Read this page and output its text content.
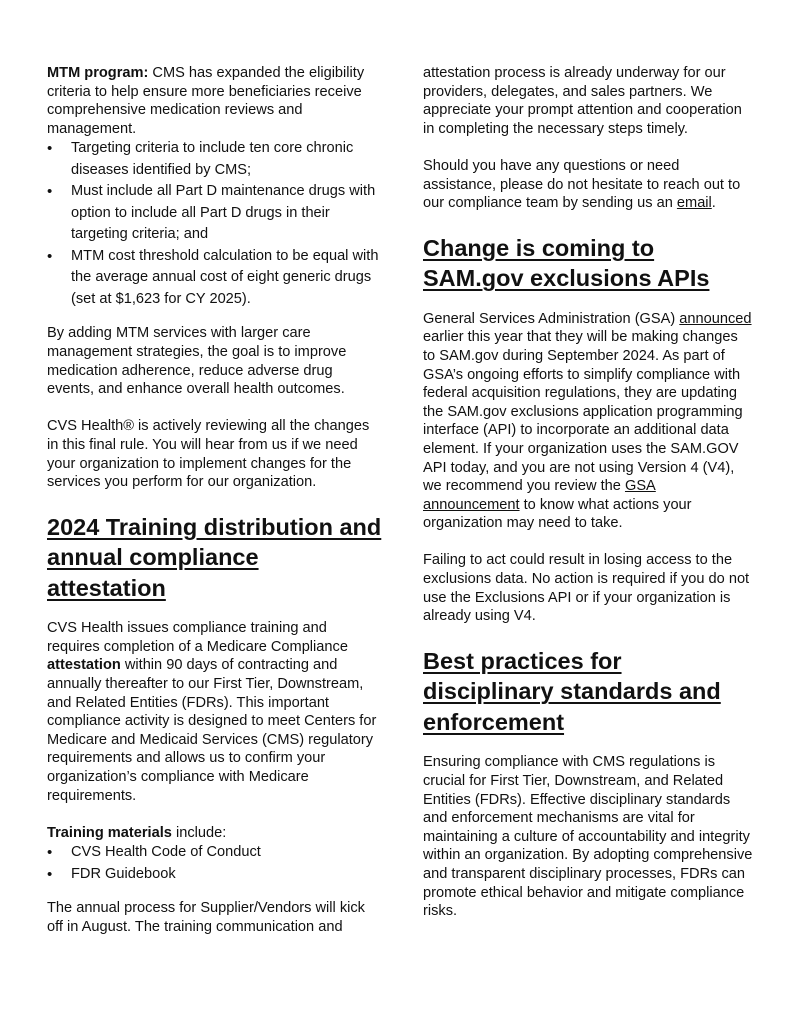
MTM program: CMS has expanded the eligibility criteria to help ensure more beneficiaries receive comprehensive medication reviews and management.

• Targeting criteria to include ten core chronic diseases identified by CMS;
• Must include all Part D maintenance drugs with option to include all Part D drugs in their targeting criteria; and
• MTM cost threshold calculation to be equal with the average annual cost of eight generic drugs (set at $1,623 for CY 2025).

By adding MTM services with larger care management strategies, the goal is to improve medication adherence, reduce adverse drug events, and enhance overall health outcomes.

CVS Health® is actively reviewing all the changes in this final rule. You will hear from us if we need your organization to implement changes for the services you perform for our organization.

2024 Training distribution and annual compliance attestation

CVS Health issues compliance training and requires completion of a Medicare Compliance attestation within 90 days of contracting and annually thereafter to our First Tier, Downstream, and Related Entities (FDRs). This important compliance activity is designed to meet Centers for Medicare and Medicaid Services (CMS) regulatory requirements and allows us to confirm your organization’s compliance with Medicare requirements.

Training materials include:

• CVS Health Code of Conduct
• FDR Guidebook

The annual process for Supplier/Vendors will kick off in August. The training communication and

attestation process is already underway for our providers, delegates, and sales partners. We appreciate your prompt attention and cooperation in completing the necessary steps timely.

Should you have any questions or need assistance, please do not hesitate to reach out to our compliance team by sending us an email.

Change is coming to SAM.gov exclusions APIs

General Services Administration (GSA) announced earlier this year that they will be making changes to SAM.gov during September 2024. As part of GSA’s ongoing efforts to simplify compliance with federal acquisition regulations, they are updating the SAM.gov exclusions application programming interface (API) to incorporate an additional data element. If your organization uses the SAM.GOV API today, and you are not using Version 4 (V4), we recommend you review the GSA announcement to know what actions your organization may need to take.

Failing to act could result in losing access to the exclusions data. No action is required if you do not use the Exclusions API or if your organization is already using V4.

Best practices for disciplinary standards and enforcement

Ensuring compliance with CMS regulations is crucial for First Tier, Downstream, and Related Entities (FDRs). Effective disciplinary standards and enforcement mechanisms are vital for maintaining a culture of accountability and integrity within an organization. By adopting comprehensive and transparent disciplinary processes, FDRs can promote ethical behavior and mitigate compliance risks.
